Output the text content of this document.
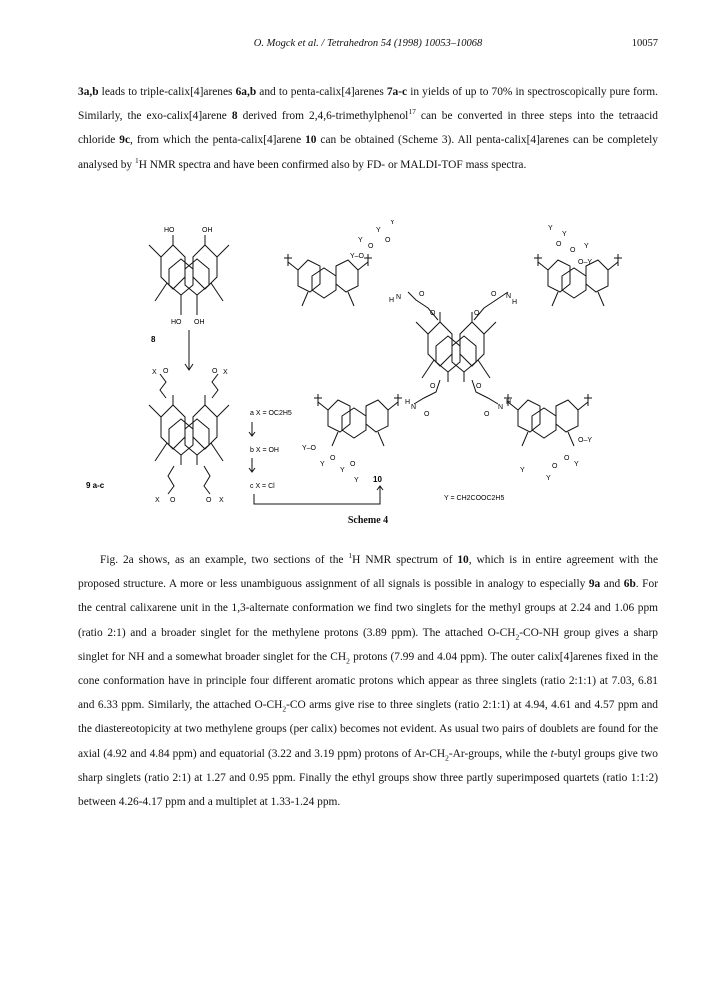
O. Mogck et al. / Tetrahedron 54 (1998) 10053–10068	10057

3a,b leads to triple-calix[4]arenes 6a,b and to penta-calix[4]arenes 7a-c in yields of up to 70% in spectroscopically pure form. Similarly, the exo-calix[4]arene 8 derived from 2,4,6-trimethylphenol$^{17}$ can be converted in three steps into the tetraacid chloride 9c, from which the penta-calix[4]arene 10 can be obtained (Scheme 3). All penta-calix[4]arenes can be completely analysed by $^1$H NMR spectra and have been confirmed also by FD- or MALDI-TOF mass spectra.

HO	OH
HO OH
8
X O	O X
X O	O X
9 a-c
a X = OC2H5
b X = OH
c X = Cl
10
H N	O
O
O N
H
O
H
N
O
O
O
N
H
O
Y–O
Y
O
Y
O
Y
Y
Y
O
O
Y
O–Y
Y–O
Y
O
Y
O
Y
O–Y
O
Y
O
Y
Y
Y = CH2COOC2H5
Scheme 4

Fig. 2a shows, as an example, two sections of the $^1$H NMR spectrum of 10, which is in entire agreement with the proposed structure. A more or less unambiguous assignment of all signals is possible in analogy to especially 9a and 6b. For the central calixarene unit in the 1,3-alternate conformation we find two singlets for the methyl groups at 2.24 and 1.06 ppm (ratio 2:1) and a broader singlet for the methylene protons (3.89 ppm). The attached $O-CH_2-CO-NH$ group gives a sharp singlet for NH and a somewhat broader singlet for the $CH_2$ protons (7.99 and 4.04 ppm). The outer calix[4]arenes fixed in the cone conformation have in principle four different aromatic protons which appear as three singlets (ratio 2:1:1) at 7.03, 6.81 and 6.33 ppm. Similarly, the attached $O-CH_2-CO$ arms give rise to three singlets (ratio 2:1:1) at 4.94, 4.61 and 4.57 ppm and the diastereotopicity at two methylene groups (per calix) becomes not evident. As usual two pairs of doublets are found for the axial (4.92 and 4.84 ppm) and equatorial (3.22 and 3.19 ppm) protons of $Ar-CH_2-Ar$-groups, while the t-butyl groups give two sharp singlets (ratio 2:1) at 1.27 and 0.95 ppm. Finally the ethyl groups show three partly superimposed quartets (ratio 1:1:2) between 4.26-4.17 ppm and a multiplet at 1.33-1.24 ppm.
